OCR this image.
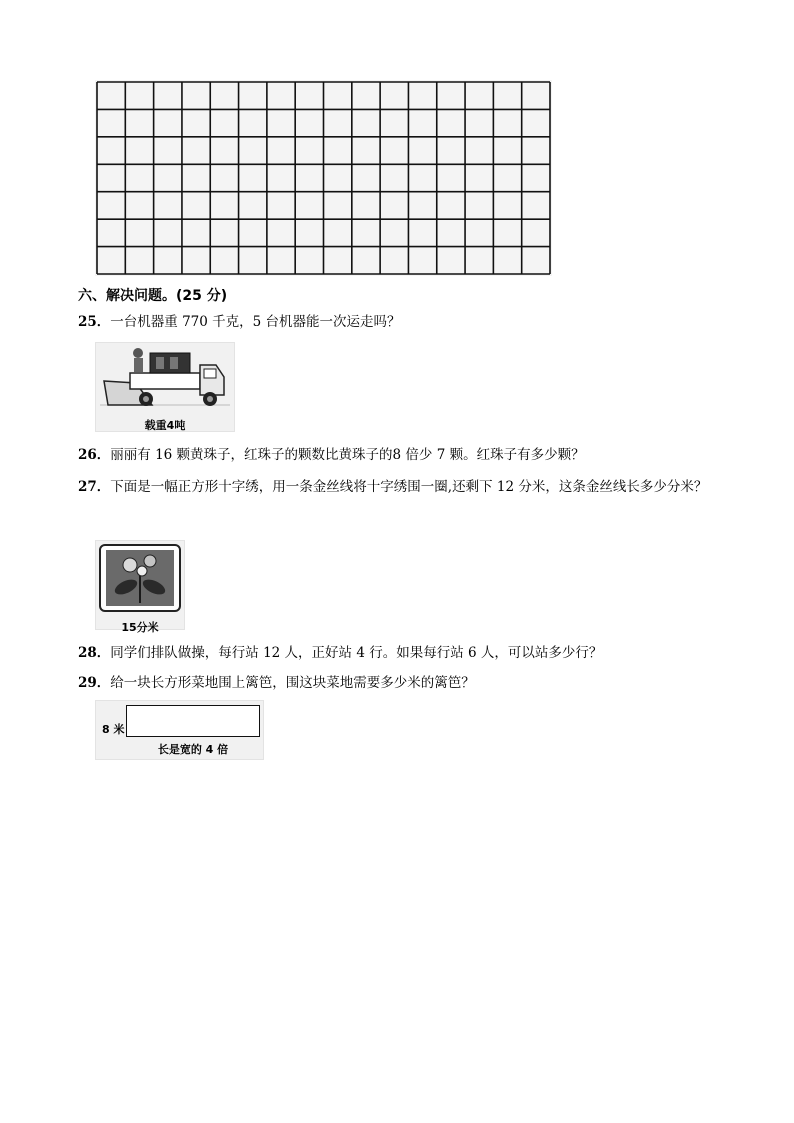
六、解决问题。(25 分)
25．一台机器重 770 千克，5 台机器能一次运走吗？
载重4吨
26．丽丽有 16 颗黄珠子，红珠子的颗数比黄珠子的8 倍少 7 颗。红珠子有多少颗？
27．下面是一幅正方形十字绣，用一条金丝线将十字绣围一圈,还剩下 12 分米，这条金丝线长多少分米？
15分米
28．同学们排队做操，每行站 12 人，正好站 4 行。如果每行站 6 人，可以站多少行？
29．给一块长方形菜地围上篱笆，围这块菜地需要多少米的篱笆？
8 米
长是宽的 4 倍
